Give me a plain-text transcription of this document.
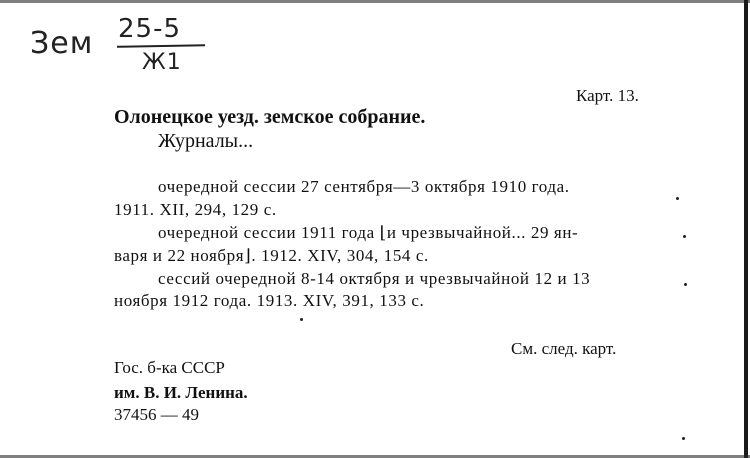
Зем 25-5
Ж1
Карт. 13.
Олонецкое уезд. земское собрание.
Журналы...
очередной сессии 27 сентября—3 октября 1910 года.
1911. XII, 294, 129 с.
очередной сессии 1911 года ⌊и чрезвычайной... 29 ян-
варя и 22 ноября⌋. 1912. XIV, 304, 154 с.
сессий очередной 8-14 октября и чрезвычайной 12 и 13
ноября 1912 года. 1913. XIV, 391, 133 с.
См. след. карт.
Гос. б-ка СССР
им. В. И. Ленина.
37456 — 49
